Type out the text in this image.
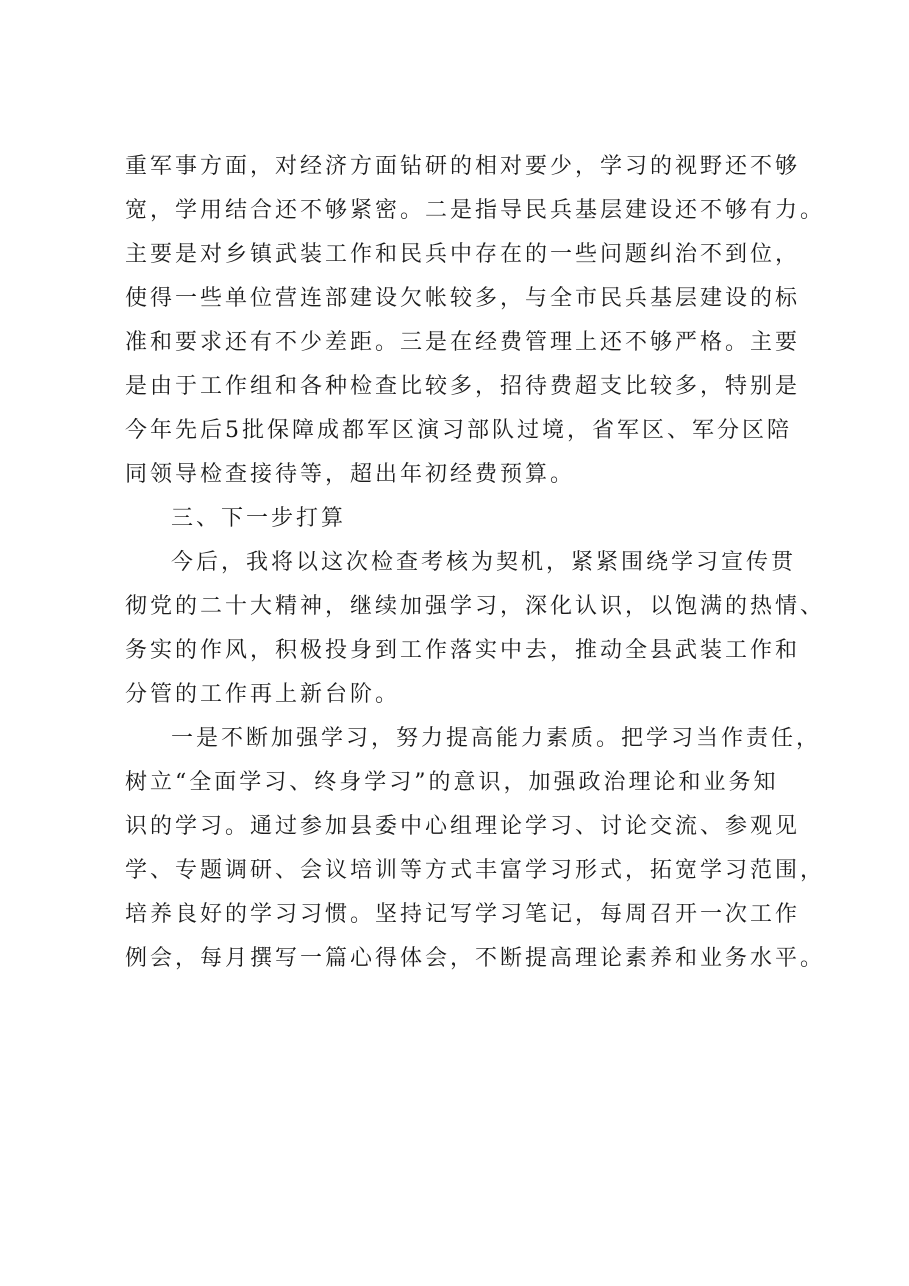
重军事方面，对经济方面钻研的相对要少，学习的视野还不够
宽，学用结合还不够紧密。二是指导民兵基层建设还不够有力。
主要是对乡镇武装工作和民兵中存在的一些问题纠治不到位，
使得一些单位营连部建设欠帐较多，与全市民兵基层建设的标
准和要求还有不少差距。三是在经费管理上还不够严格。主要
是由于工作组和各种检查比较多，招待费超支比较多，特别是
今年先后5批保障成都军区演习部队过境，省军区、军分区陪
同领导检查接待等，超出年初经费预算。
三、下一步打算
今后，我将以这次检查考核为契机，紧紧围绕学习宣传贯
彻党的二十大精神，继续加强学习，深化认识，以饱满的热情、
务实的作风，积极投身到工作落实中去，推动全县武装工作和
分管的工作再上新台阶。
一是不断加强学习，努力提高能力素质。把学习当作责任，
树立“全面学习、终身学习”的意识，加强政治理论和业务知
识的学习。通过参加县委中心组理论学习、讨论交流、参观见
学、专题调研、会议培训等方式丰富学习形式，拓宽学习范围，
培养良好的学习习惯。坚持记写学习笔记，每周召开一次工作
例会，每月撰写一篇心得体会，不断提高理论素养和业务水平。
